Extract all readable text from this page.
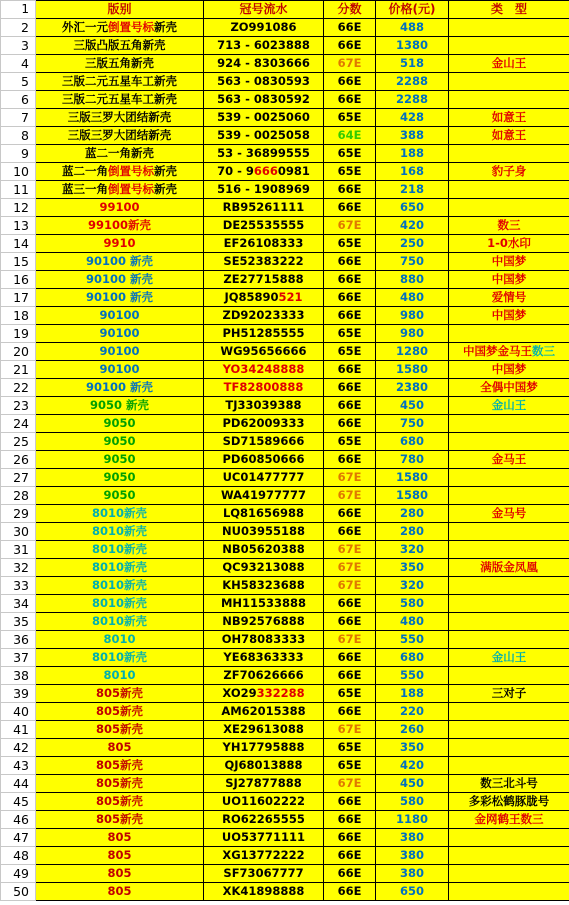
1	版别	冠号流水	分数	价格(元)	类　型
2	外汇一元倒置号标新壳	ZO991086	66E	488	
3	三版凸版五角新壳	713 - 6023888	66E	1380	
4	三版五角新壳	924 - 8303666	67E	518	金山王
5	三版二元五星车工新壳	563 - 0830593	66E	2288	
6	三版二元五星车工新壳	563 - 0830592	66E	2288	
7	三版三罗大团结新壳	539 - 0025060	65E	428	如意王
8	三版三罗大团结新壳	539 - 0025058	64E	388	如意王
9	蓝二一角新壳	53 - 36899555	65E	188	
10	蓝二一角倒置号标新壳	70 - 96660981	65E	168	豹子身
11	蓝三一角倒置号标新壳	516 - 1908969	66E	218	
12	99100	RB95261111	66E	650	
13	99100新壳	DE25535555	67E	420	数三
14	9910	EF26108333	65E	250	1-0水印
15	90100 新壳	SE52383222	66E	750	中国梦
16	90100 新壳	ZE27715888	66E	880	中国梦
17	90100 新壳	JQ85890521	66E	480	爱情号
18	90100	ZD92023333	66E	980	中国梦
19	90100	PH51285555	65E	980	
20	90100	WG95656666	65E	1280	中国梦金马王数三
21	90100	YO34248888	66E	1580	中国梦
22	90100 新壳	TF82800888	66E	2380	全偶中国梦
23	9050 新壳	TJ33039388	66E	450	金山王
24	9050	PD62009333	66E	750	
25	9050	SD71589666	65E	680	
26	9050	PD60850666	66E	780	金马王
27	9050	UC01477777	67E	1580	
28	9050	WA41977777	67E	1580	
29	8010新壳	LQ81656988	66E	280	金马号
30	8010新壳	NU03955188	66E	280	
31	8010新壳	NB05620388	67E	320	
32	8010新壳	QC93213088	67E	350	满版金凤凰
33	8010新壳	KH58323688	67E	320	
34	8010新壳	MH11533888	66E	580	
35	8010新壳	NB92576888	66E	480	
36	8010	OH78083333	67E	550	
37	8010新壳	YE68363333	66E	680	金山王
38	8010	ZF70626666	66E	550	
39	805新壳	XO29332288	65E	188	三对子
40	805新壳	AM62015388	66E	220	
41	805新壳	XE29613088	67E	260	
42	805	YH17795888	65E	350	
43	805新壳	QJ68013888	65E	420	
44	805新壳	SJ27877888	67E	450	数三北斗号
45	805新壳	UO11602222	66E	580	多彩松鹤豚胧号
46	805新壳	RO62265555	66E	1180	金网鹤王数三
47	805	UO53771111	66E	380	
48	805	XG13772222	66E	380	
49	805	SF73067777	66E	380	
50	805	XK41898888	66E	650	
